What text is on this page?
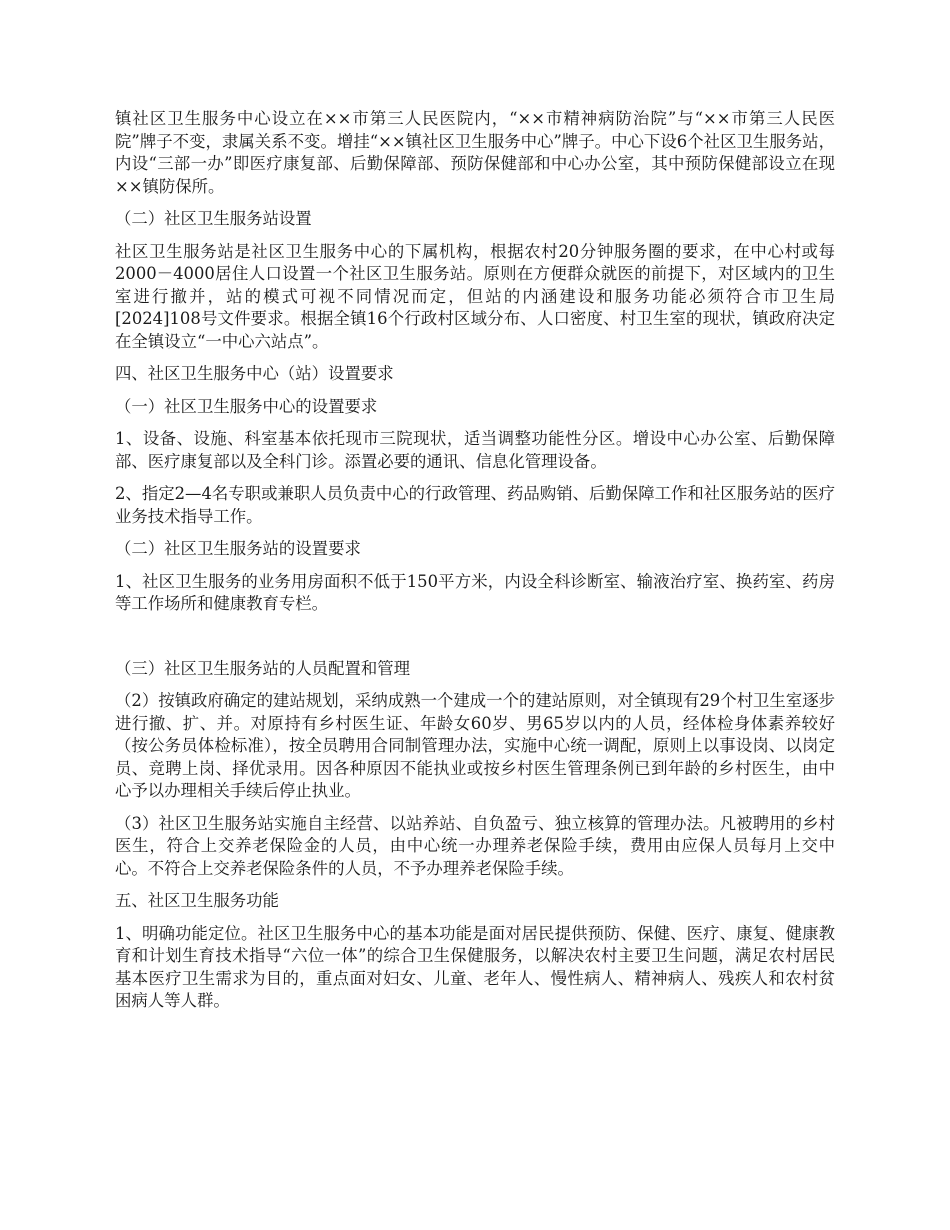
镇社区卫生服务中心设立在××市第三人民医院内，“××市精神病防治院”与“××市第三人民医院”牌子不变，隶属关系不变。增挂“××镇社区卫生服务中心”牌子。中心下设6个社区卫生服务站，内设“三部一办”即医疗康复部、后勤保障部、预防保健部和中心办公室，其中预防保健部设立在现××镇防保所。

（二）社区卫生服务站设置

社区卫生服务站是社区卫生服务中心的下属机构，根据农村20分钟服务圈的要求，在中心村或每2000－4000居住人口设置一个社区卫生服务站。原则在方便群众就医的前提下，对区域内的卫生室进行撤并，站的模式可视不同情况而定，但站的内涵建设和服务功能必须符合市卫生局[2024]108号文件要求。根据全镇16个行政村区域分布、人口密度、村卫生室的现状，镇政府决定在全镇设立“一中心六站点”。

四、社区卫生服务中心（站）设置要求

（一）社区卫生服务中心的设置要求

1、设备、设施、科室基本依托现市三院现状，适当调整功能性分区。增设中心办公室、后勤保障部、医疗康复部以及全科门诊。添置必要的通讯、信息化管理设备。

2、指定2—4名专职或兼职人员负责中心的行政管理、药品购销、后勤保障工作和社区服务站的医疗业务技术指导工作。

（二）社区卫生服务站的设置要求

1、社区卫生服务的业务用房面积不低于150平方米，内设全科诊断室、输液治疗室、换药室、药房等工作场所和健康教育专栏。

（三）社区卫生服务站的人员配置和管理

（2）按镇政府确定的建站规划，采纳成熟一个建成一个的建站原则，对全镇现有29个村卫生室逐步进行撤、扩、并。对原持有乡村医生证、年龄女60岁、男65岁以内的人员，经体检身体素养较好（按公务员体检标准），按全员聘用合同制管理办法，实施中心统一调配，原则上以事设岗、以岗定员、竞聘上岗、择优录用。因各种原因不能执业或按乡村医生管理条例已到年龄的乡村医生，由中心予以办理相关手续后停止执业。

（3）社区卫生服务站实施自主经营、以站养站、自负盈亏、独立核算的管理办法。凡被聘用的乡村医生，符合上交养老保险金的人员，由中心统一办理养老保险手续，费用由应保人员每月上交中心。不符合上交养老保险条件的人员，不予办理养老保险手续。

五、社区卫生服务功能

1、明确功能定位。社区卫生服务中心的基本功能是面对居民提供预防、保健、医疗、康复、健康教育和计划生育技术指导“六位一体”的综合卫生保健服务，以解决农村主要卫生问题，满足农村居民基本医疗卫生需求为目的，重点面对妇女、儿童、老年人、慢性病人、精神病人、残疾人和农村贫困病人等人群。
